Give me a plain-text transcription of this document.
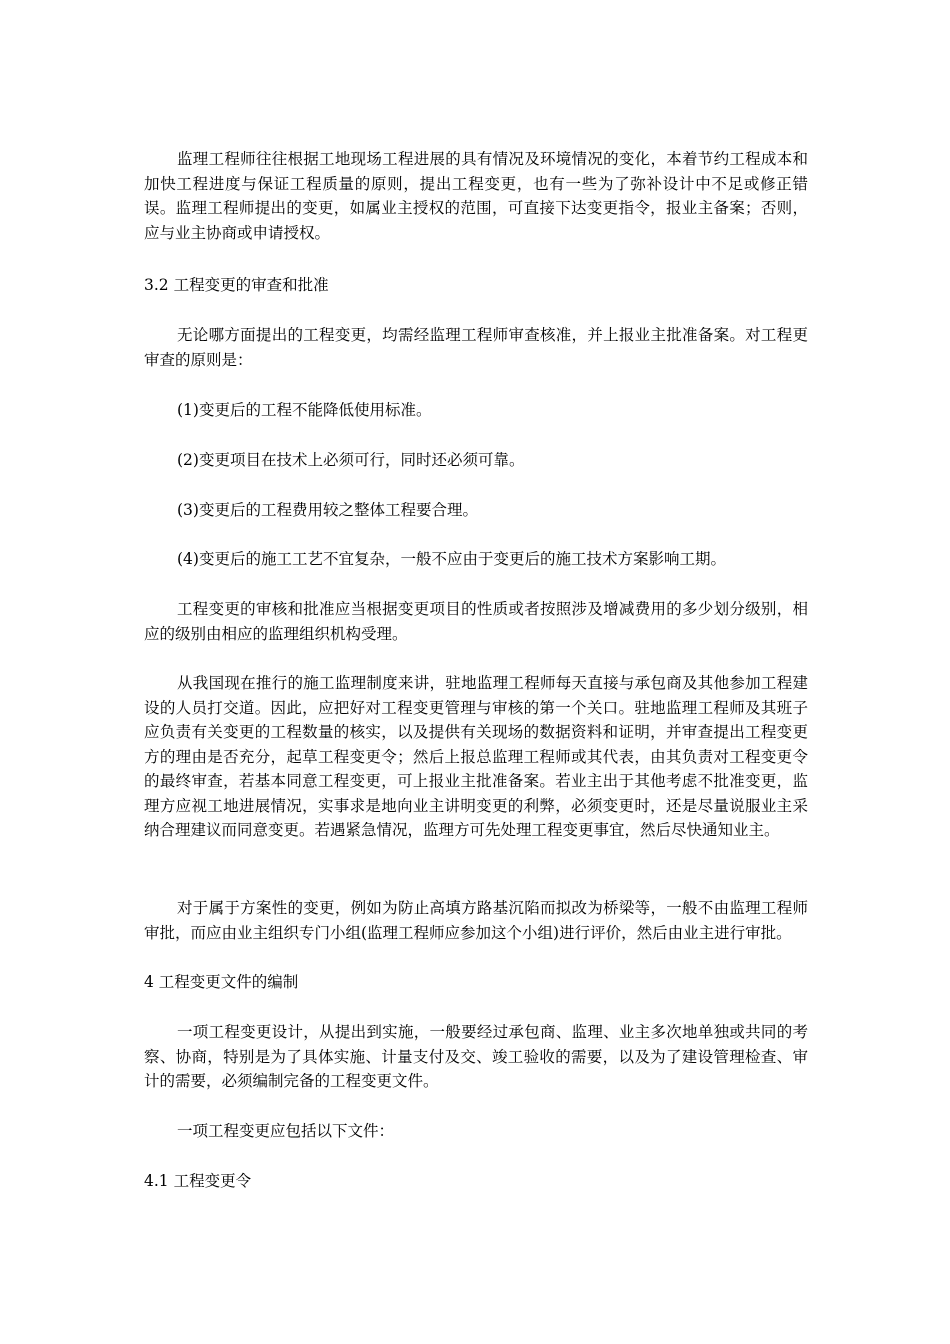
监理工程师往往根据工地现场工程进展的具有情况及环境情况的变化，本着节约工程成本和加快工程进度与保证工程质量的原则，提出工程变更，也有一些为了弥补设计中不足或修正错误。监理工程师提出的变更，如属业主授权的范围，可直接下达变更指令，报业主备案；否则，应与业主协商或申请授权。

3.2 工程变更的审查和批准

无论哪方面提出的工程变更，均需经监理工程师审查核准，并上报业主批准备案。对工程更审查的原则是：

(1)变更后的工程不能降低使用标准。

(2)变更项目在技术上必须可行，同时还必须可靠。

(3)变更后的工程费用较之整体工程要合理。

(4)变更后的施工工艺不宜复杂，一般不应由于变更后的施工技术方案影响工期。

工程变更的审核和批准应当根据变更项目的性质或者按照涉及增减费用的多少划分级别，相应的级别由相应的监理组织机构受理。

从我国现在推行的施工监理制度来讲，驻地监理工程师每天直接与承包商及其他参加工程建设的人员打交道。因此，应把好对工程变更管理与审核的第一个关口。驻地监理工程师及其班子应负责有关变更的工程数量的核实，以及提供有关现场的数据资料和证明，并审查提出工程变更方的理由是否充分，起草工程变更令；然后上报总监理工程师或其代表，由其负责对工程变更令的最终审查，若基本同意工程变更，可上报业主批准备案。若业主出于其他考虑不批准变更，监理方应视工地进展情况，实事求是地向业主讲明变更的利弊，必须变更时，还是尽量说服业主采纳合理建议而同意变更。若遇紧急情况，监理方可先处理工程变更事宜，然后尽快通知业主。

对于属于方案性的变更，例如为防止高填方路基沉陷而拟改为桥梁等，一般不由监理工程师审批，而应由业主组织专门小组(监理工程师应参加这个小组)进行评价，然后由业主进行审批。

4 工程变更文件的编制

一项工程变更设计，从提出到实施，一般要经过承包商、监理、业主多次地单独或共同的考察、协商，特别是为了具体实施、计量支付及交、竣工验收的需要，以及为了建设管理检查、审计的需要，必须编制完备的工程变更文件。

一项工程变更应包括以下文件：

4.1 工程变更令
